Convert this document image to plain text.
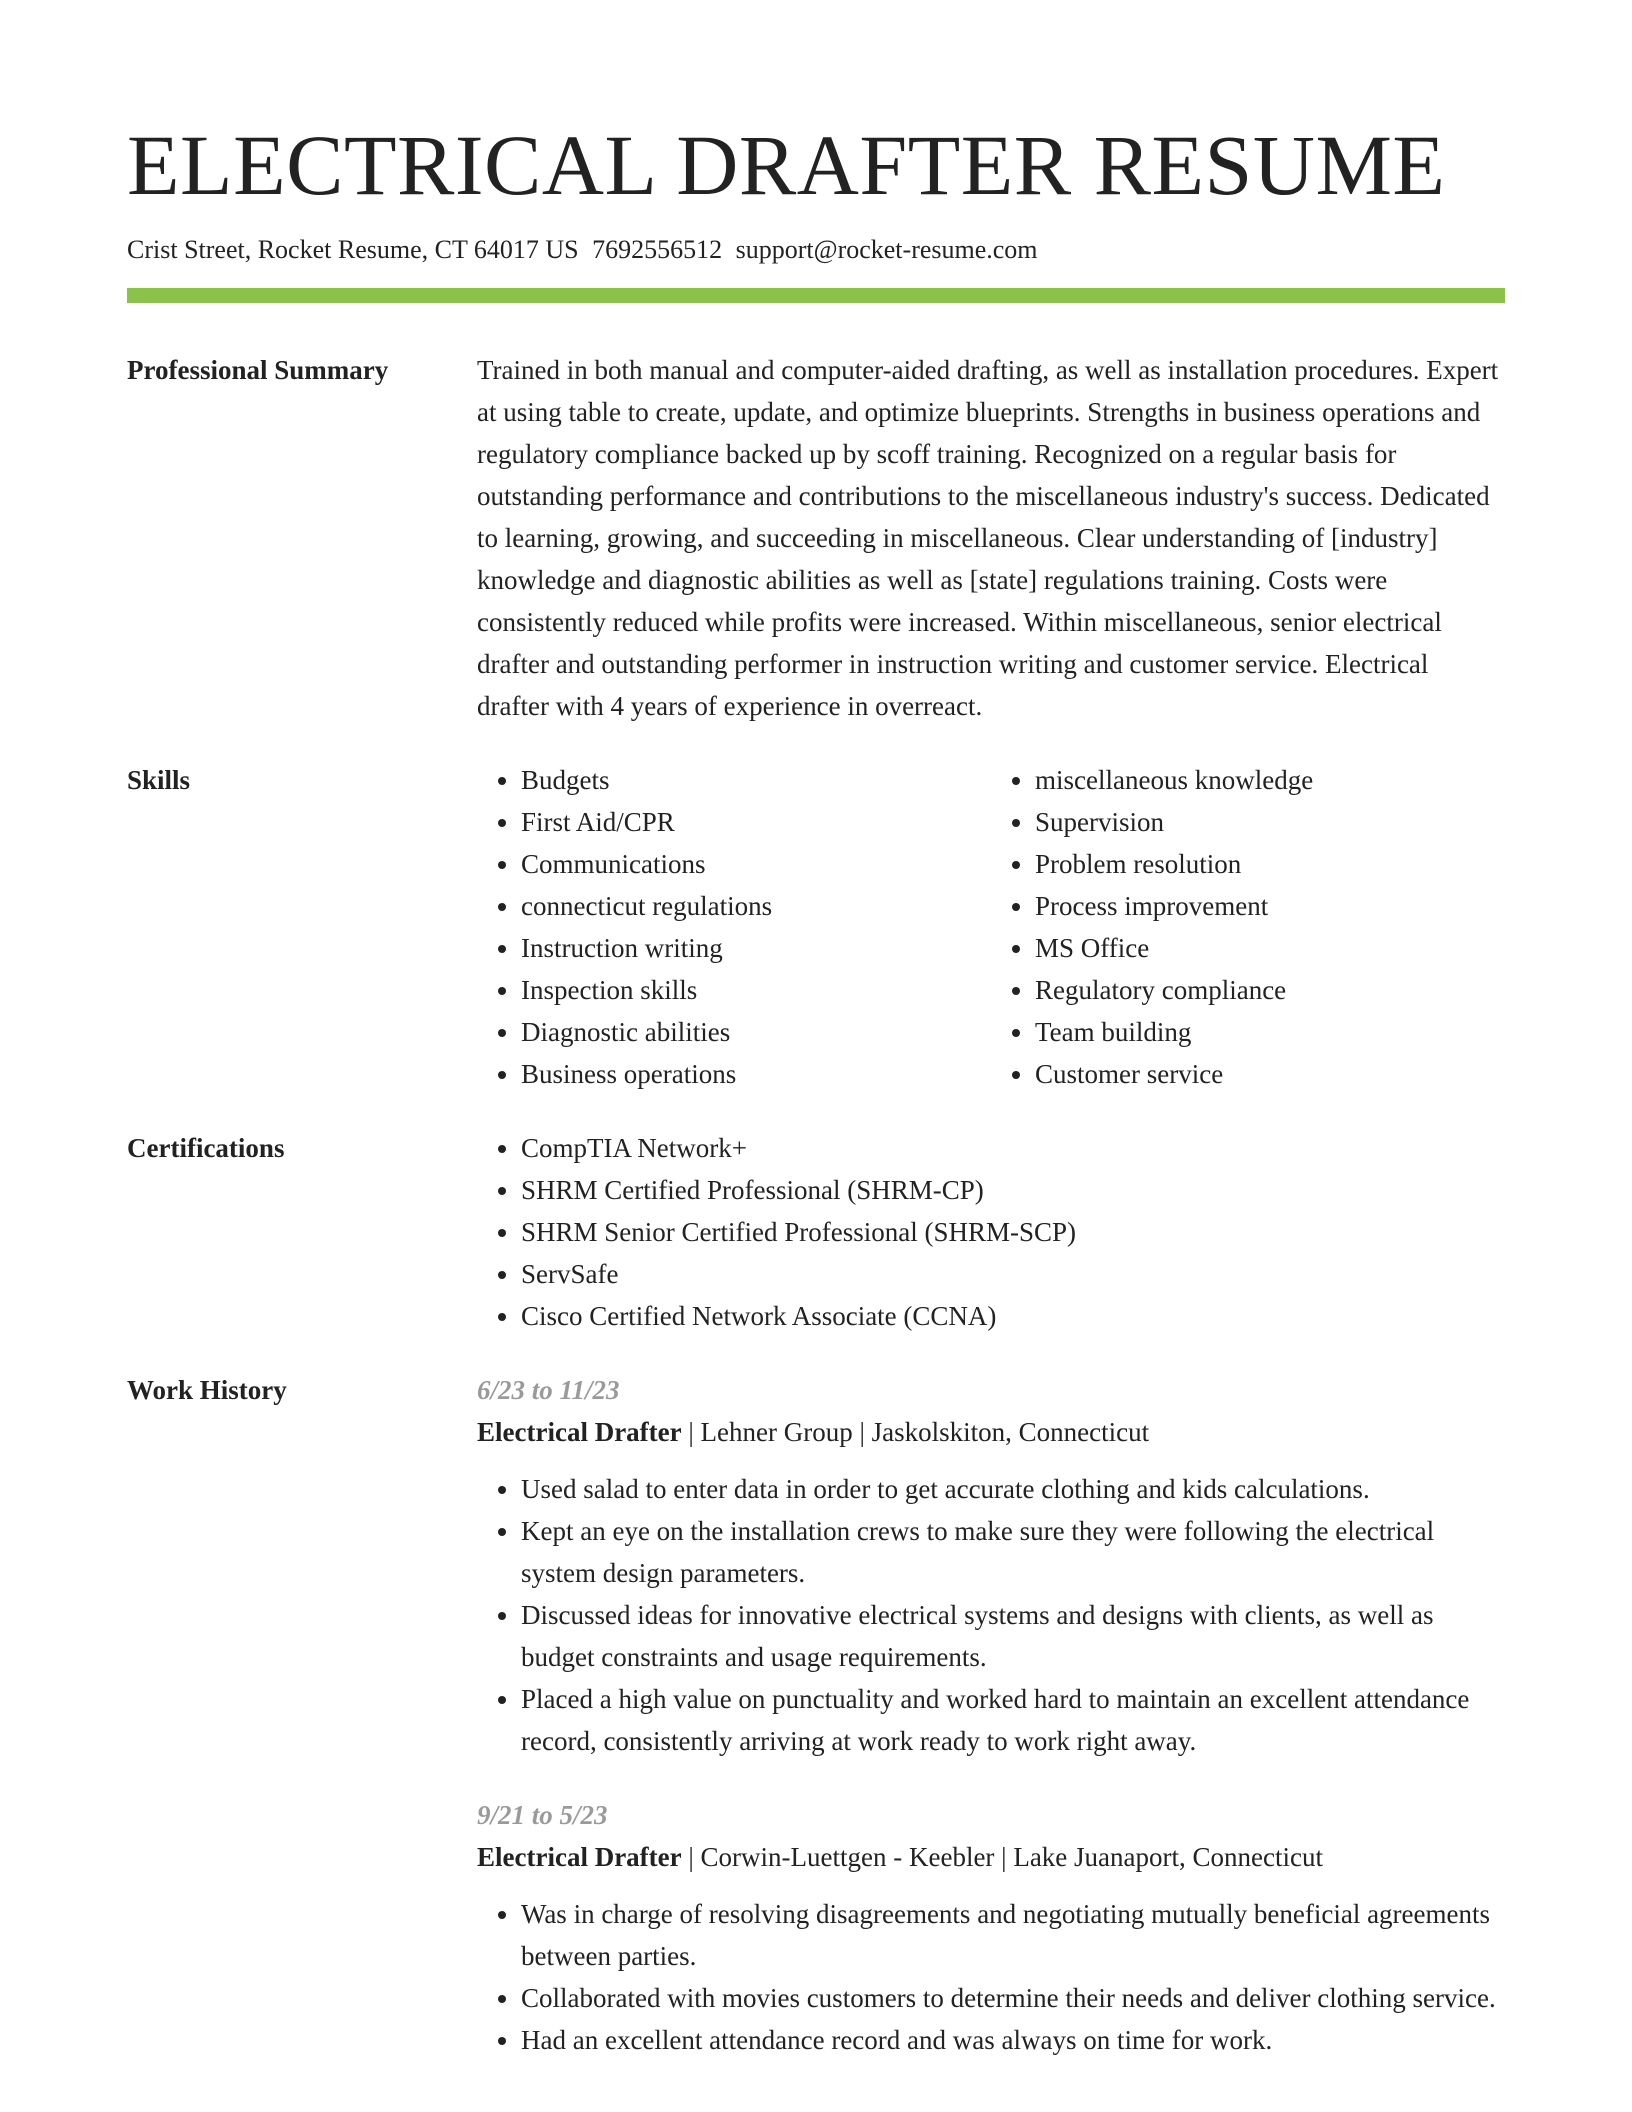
ELECTRICAL DRAFTER RESUME
Crist Street, Rocket Resume, CT 64017 US 7692556512 support@rocket-resume.com
Professional Summary	Trained in both manual and computer-aided drafting, as well as installation procedures. Expert at using table to create, update, and optimize blueprints. Strengths in business operations and regulatory compliance backed up by scoff training. Recognized on a regular basis for outstanding performance and contributions to the miscellaneous industry's success. Dedicated to learning, growing, and succeeding in miscellaneous. Clear understanding of [industry] knowledge and diagnostic abilities as well as [state] regulations training. Costs were consistently reduced while profits were increased. Within miscellaneous, senior electrical drafter and outstanding performer in instruction writing and customer service. Electrical drafter with 4 years of experience in overreact.

Skills	• Budgets
• First Aid/CPR
• Communications
• connecticut regulations
• Instruction writing
• Inspection skills
• Diagnostic abilities
• Business operations
• miscellaneous knowledge
• Supervision
• Problem resolution
• Process improvement
• MS Office
• Regulatory compliance
• Team building
• Customer service
Certifications	• CompTIA Network+
• SHRM Certified Professional (SHRM-CP)
• SHRM Senior Certified Professional (SHRM-SCP)
• ServSafe
• Cisco Certified Network Associate (CCNA)
Work History	6/23 to 11/23
Electrical Drafter | Lehner Group | Jaskolskiton, Connecticut
• Used salad to enter data in order to get accurate clothing and kids calculations.
• Kept an eye on the installation crews to make sure they were following the electrical system design parameters.
• Discussed ideas for innovative electrical systems and designs with clients, as well as budget constraints and usage requirements.
• Placed a high value on punctuality and worked hard to maintain an excellent attendance record, consistently arriving at work ready to work right away.
9/21 to 5/23
Electrical Drafter | Corwin-Luettgen - Keebler | Lake Juanaport, Connecticut
• Was in charge of resolving disagreements and negotiating mutually beneficial agreements between parties.
• Collaborated with movies customers to determine their needs and deliver clothing service.
• Had an excellent attendance record and was always on time for work.
